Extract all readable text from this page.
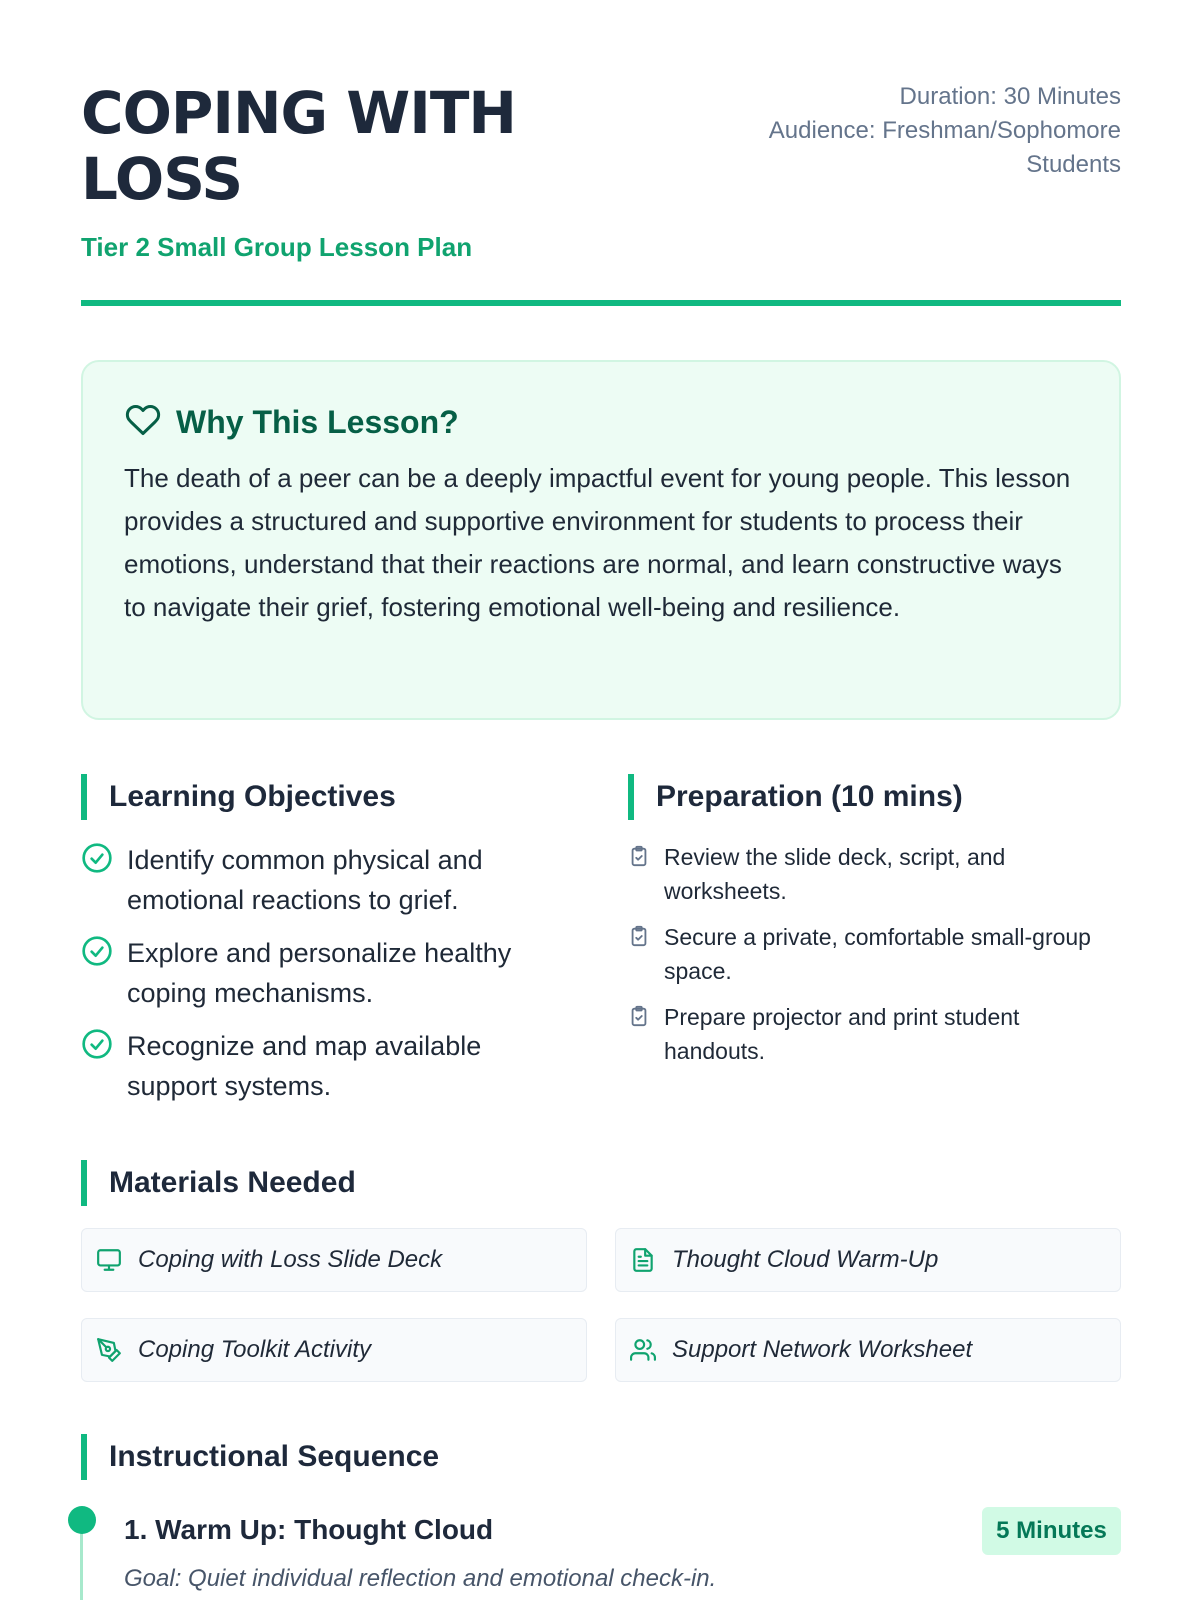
COPING WITH LOSS
Tier 2 Small Group Lesson Plan
Duration: 30 Minutes
Audience: Freshman/Sophomore Students
Why This Lesson?

The death of a peer can be a deeply impactful event for young people. This lesson provides a structured and supportive environment for students to process their emotions, understand that their reactions are normal, and learn constructive ways to navigate their grief, fostering emotional well-being and resilience.

Learning Objectives
Identify common physical and emotional reactions to grief.
Explore and personalize healthy coping mechanisms.
Recognize and map available support systems.
Preparation (10 mins)
Review the slide deck, script, and worksheets.
Secure a private, comfortable small-group space.
Prepare projector and print student handouts.
Materials Needed
Coping with Loss Slide Deck	Thought Cloud Warm-Up
Coping Toolkit Activity	Support Network Worksheet
Instructional Sequence
1. Warm Up: Thought Cloud	5 Minutes
Goal: Quiet individual reflection and emotional check-in.
